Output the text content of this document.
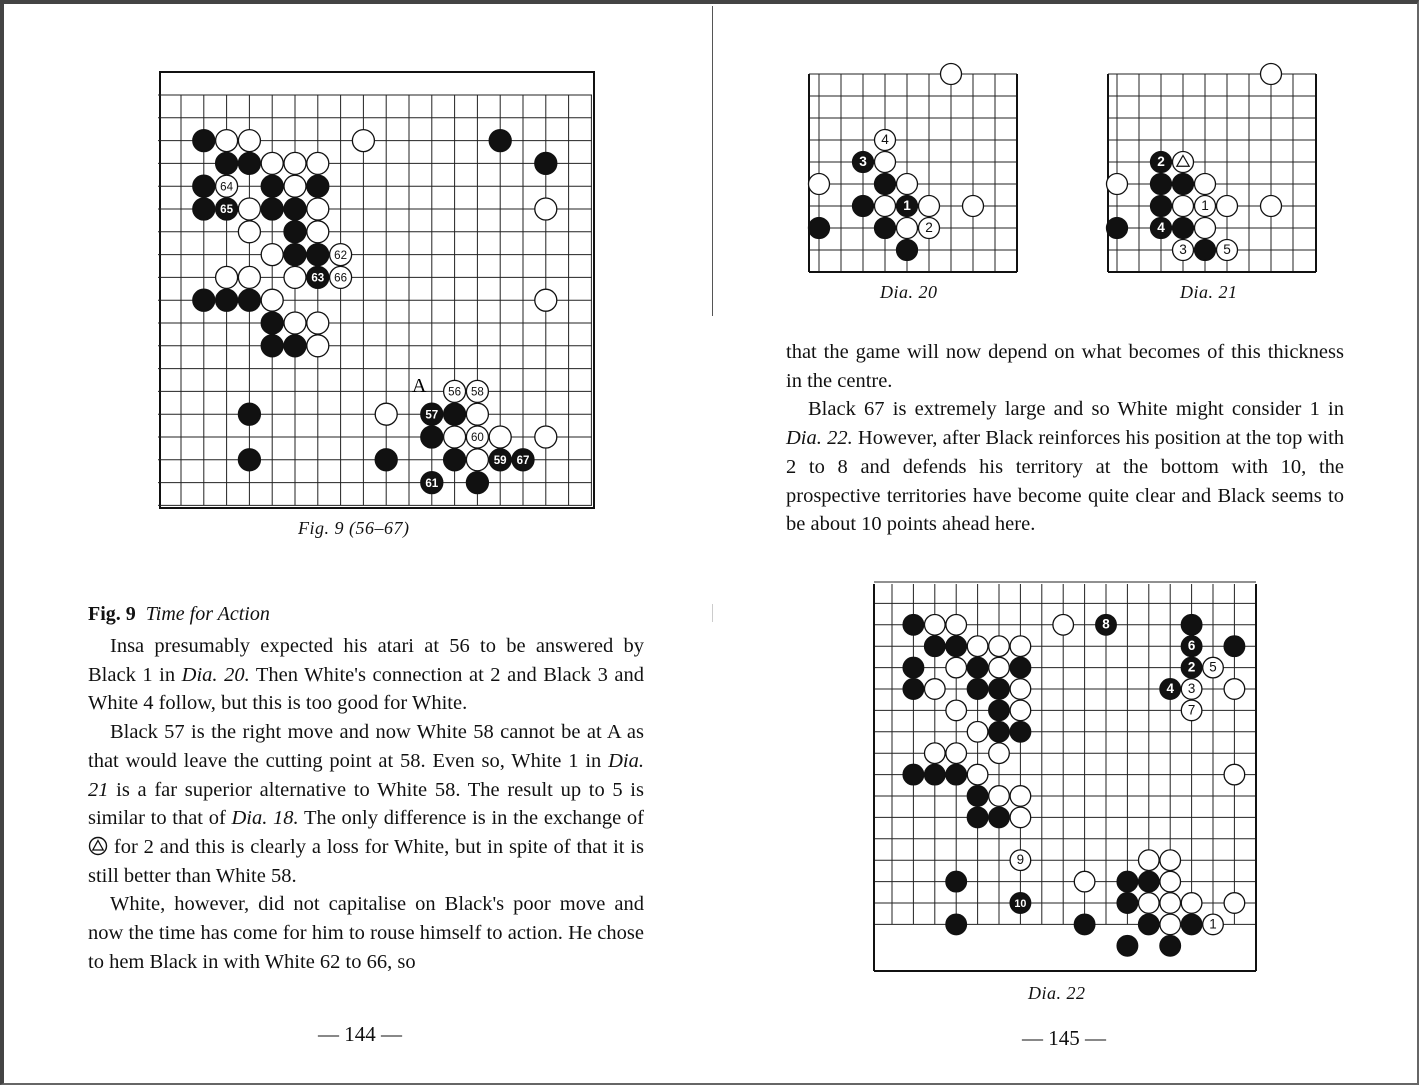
64
65
62
63 66
56 58
57
60
59 67
61
A
Fig. 9 (56–67)
Fig. 9 Time for Action

Insa presumably expected his atari at 56 to be answered by Black 1 in Dia. 20. Then White's connection at 2 and Black 3 and White 4 follow, but this is too good for White.

Black 57 is the right move and now White 58 cannot be at A as that would leave the cutting point at 58. Even so, White 1 in Dia. 21 is a far superior alternative to White 58. The result up to 5 is similar to that of Dia. 18. The only difference is in the exchange of  for 2 and this is clearly a loss for White, but in spite of that it is still better than White 58.

White, however, did not capitalise on Black's poor move and now the time has come for him to rouse himself to action. He chose to hem Black in with White 62 to 66, so

— 144 —
4
3
1
2
Dia. 20
2
1
4
3	5
Dia. 21

that the game will now depend on what becomes of this thickness in the centre.

Black 67 is extremely large and so White might consider 1 in Dia. 22. However, after Black reinforces his position at the top with 2 to 8 and defends his territory at the bottom with 10, the prospective territories have become quite clear and Black seems to be about 10 points ahead here.

8
6
2 5
4 3
7
9
10
1
Dia. 22
— 145 —
